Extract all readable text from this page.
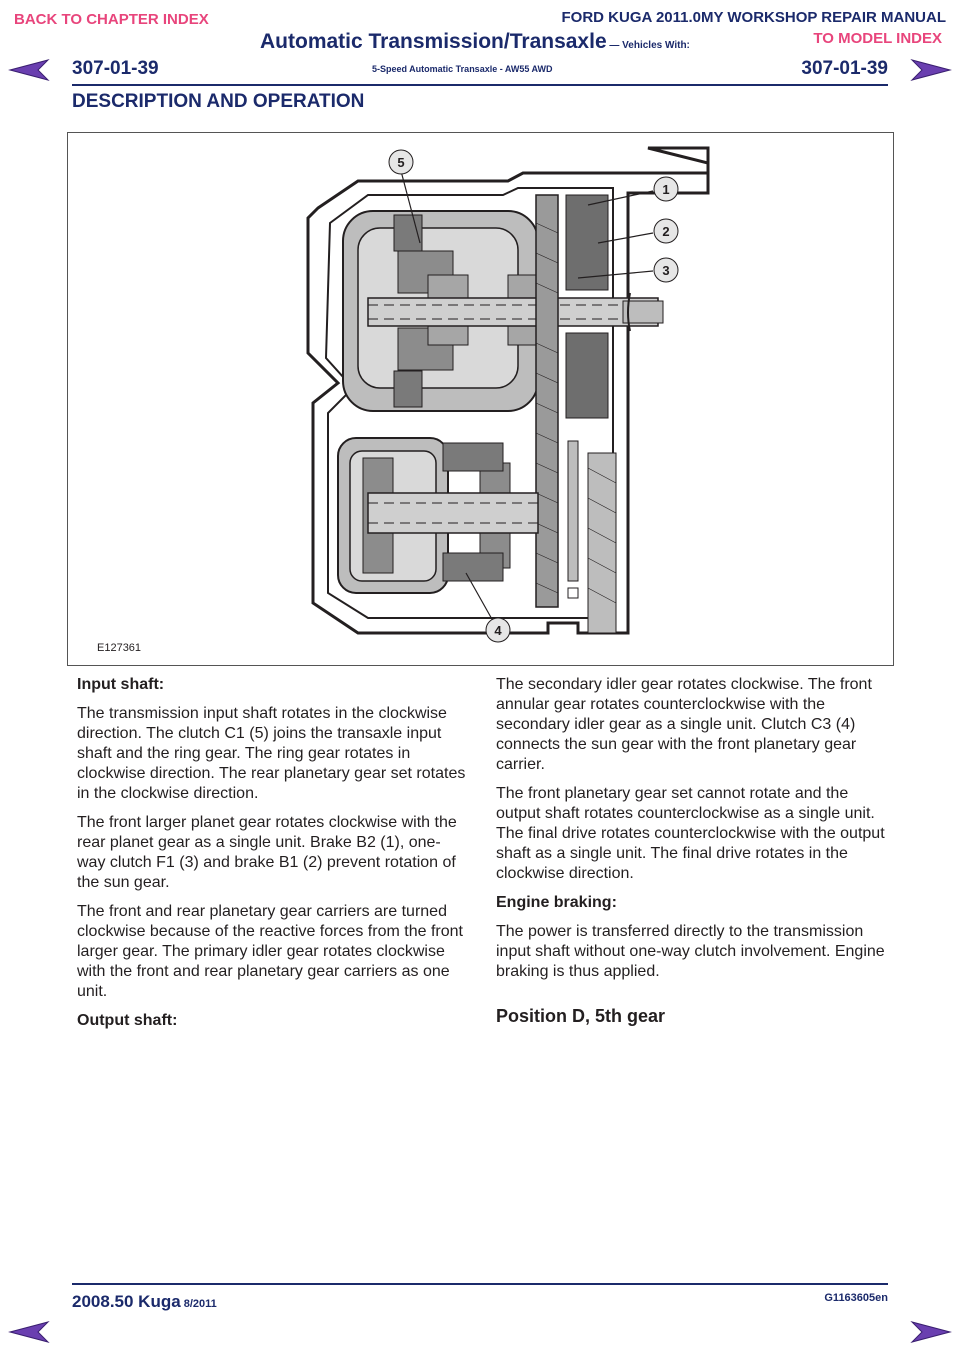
BACK TO CHAPTER INDEX	FORD KUGA 2011.0MY WORKSHOP REPAIR MANUAL
TO MODEL INDEX
Automatic Transmission/Transaxle — Vehicles With:
5-Speed Automatic Transaxle - AW55 AWD
307-01-39	307-01-39
DESCRIPTION AND OPERATION
5
1
2
3
4
E127361

Input shaft:

The transmission input shaft rotates in the clockwise direction. The clutch C1 (5) joins the transaxle input shaft and the ring gear. The ring gear rotates in clockwise direction. The rear planetary gear set rotates in the clockwise direction.

The front larger planet gear rotates clockwise with the rear planet gear as a single unit. Brake B2 (1), one-way clutch F1 (3) and brake B1 (2) prevent rotation of the sun gear.

The front and rear planetary gear carriers are turned clockwise because of the reactive forces from the front larger gear. The primary idler gear rotates clockwise with the front and rear planetary gear carriers as one unit.

Output shaft:

The secondary idler gear rotates clockwise. The front annular gear rotates counterclockwise with the secondary idler gear as a single unit. Clutch C3 (4) connects the sun gear with the front planetary gear carrier.

The front planetary gear set cannot rotate and the output shaft rotates counterclockwise as a single unit. The final drive rotates counterclockwise with the output shaft as a single unit. The final drive rotates in the clockwise direction.

Engine braking:

The power is transferred directly to the transmission input shaft without one-way clutch involvement. Engine braking is thus applied.

Position D, 5th gear
2008.50 Kuga 8/2011	G1163605en
